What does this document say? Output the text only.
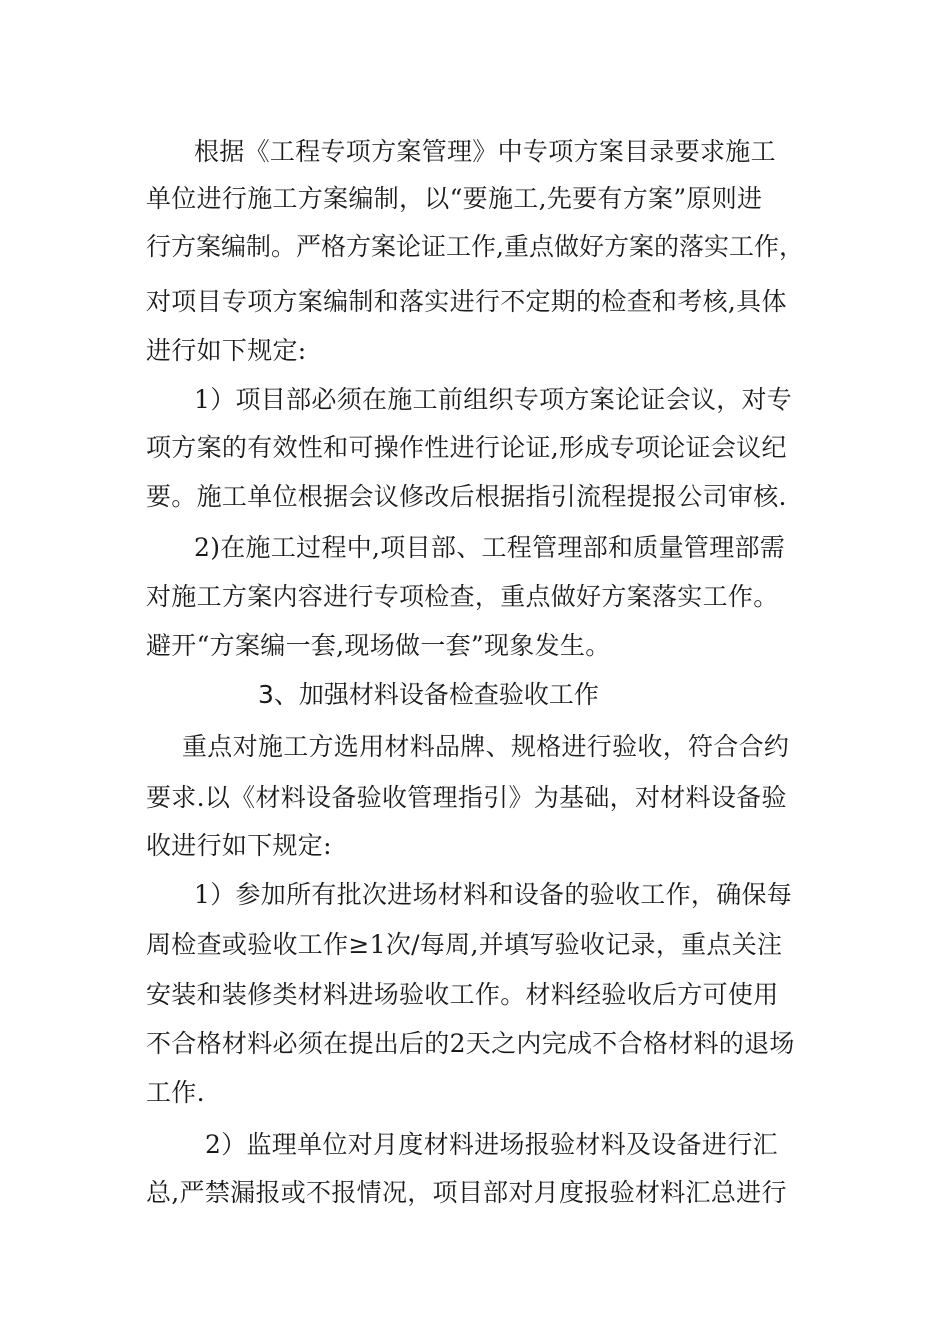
根据《工程专项方案管理》中专项方案目录要求施工

单位进行施工方案编制，以“要施工,先要有方案”原则进

行方案编制。严格方案论证工作,重点做好方案的落实工作，

对项目专项方案编制和落实进行不定期的检查和考核,具体

进行如下规定:

1）项目部必须在施工前组织专项方案论证会议，对专

项方案的有效性和可操作性进行论证,形成专项论证会议纪

要。施工单位根据会议修改后根据指引流程提报公司审核.

2)在施工过程中,项目部、工程管理部和质量管理部需

对施工方案内容进行专项检查，重点做好方案落实工作。

避开“方案编一套,现场做一套”现象发生。

3、加强材料设备检查验收工作

重点对施工方选用材料品牌、规格进行验收，符合合约

要求.以《材料设备验收管理指引》为基础，对材料设备验

收进行如下规定:

1）参加所有批次进场材料和设备的验收工作，确保每

周检查或验收工作≥1次/每周,并填写验收记录，重点关注

安装和装修类材料进场验收工作。材料经验收后方可使用

不合格材料必须在提出后的2天之内完成不合格材料的退场

工作.

2）监理单位对月度材料进场报验材料及设备进行汇

总,严禁漏报或不报情况，项目部对月度报验材料汇总进行
